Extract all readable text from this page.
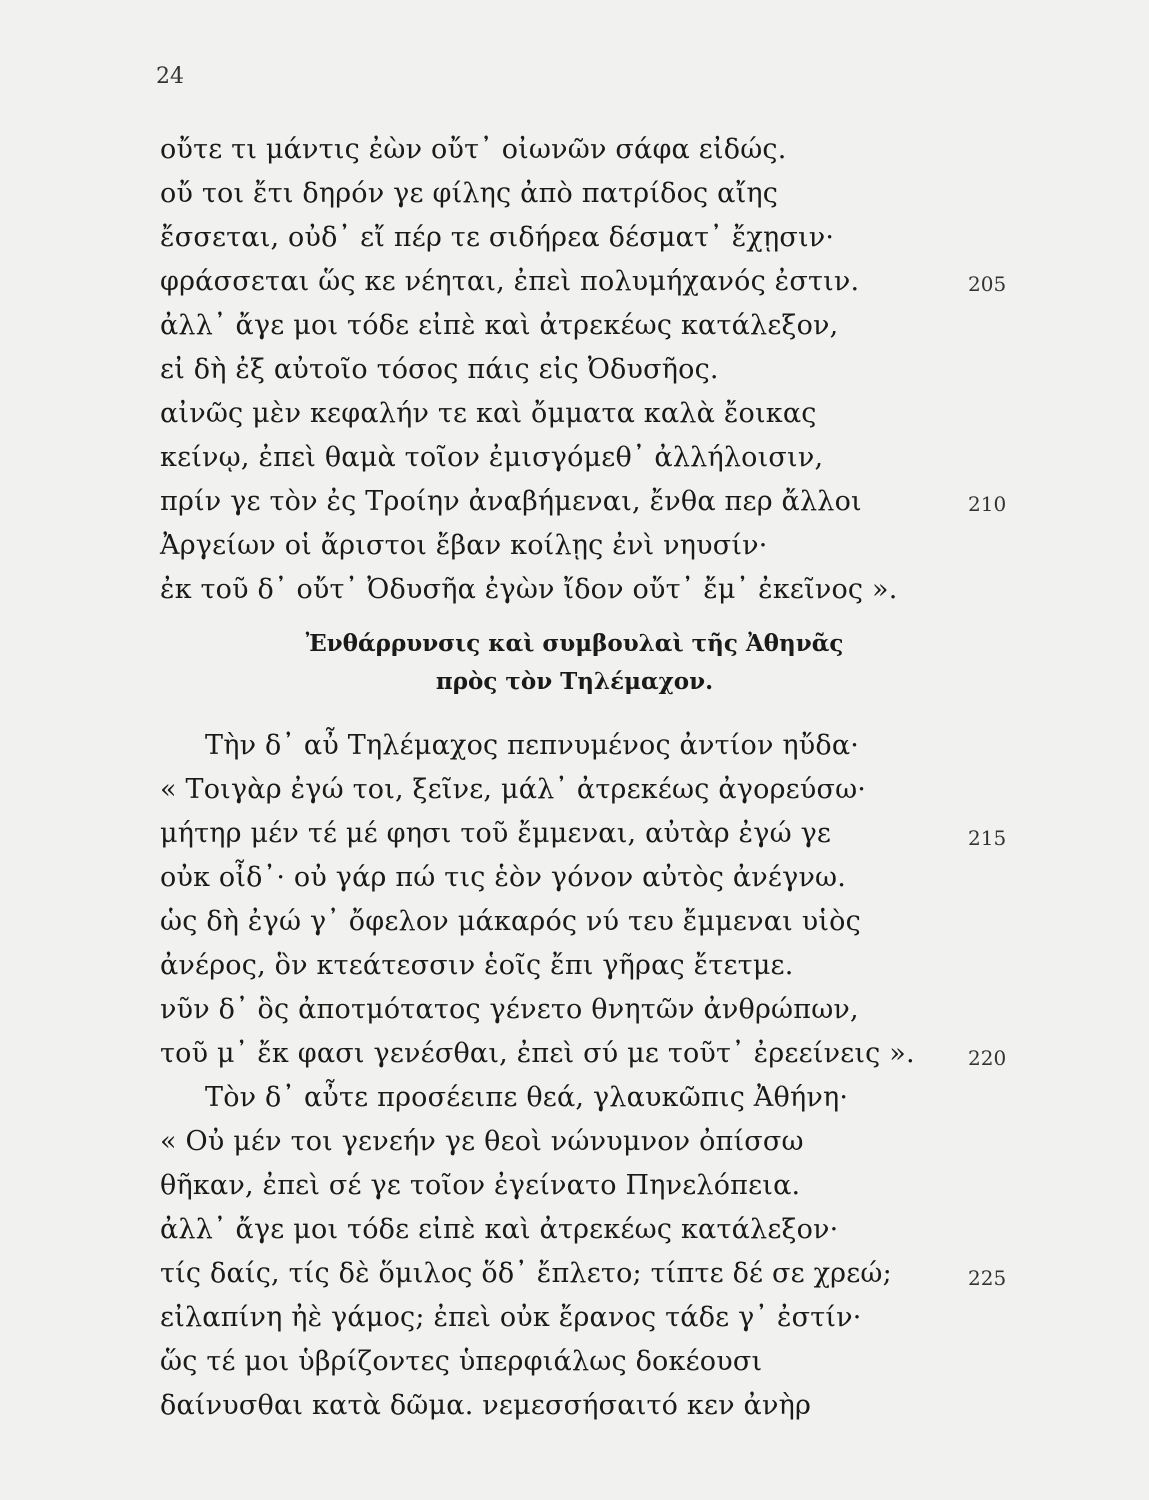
24
οὔτε τι μάντις ἐὼν οὔτ᾽ οἰωνῶν σάφα εἰδώς.
οὔ τοι ἔτι δηρόν γε φίλης ἀπὸ πατρίδος αἴης
ἔσσεται, οὐδ᾽ εἴ πέρ τε σιδήρεα δέσματ᾽ ἔχῃσιν·
φράσσεται ὥς κε νέηται, ἐπεὶ πολυμήχανός ἐστιν.	205
ἀλλ᾽ ἄγε μοι τόδε εἰπὲ καὶ ἀτρεκέως κατάλεξον,
εἰ δὴ ἐξ αὐτοῖο τόσος πάις εἰς Ὀδυσῆος.
αἰνῶς μὲν κεφαλήν τε καὶ ὄμματα καλὰ ἔοικας
κείνῳ, ἐπεὶ θαμὰ τοῖον ἐμισγόμεθ᾽ ἀλλήλοισιν,
πρίν γε τὸν ἐς Τροίην ἀναβήμεναι, ἔνθα περ ἄλλοι	210
Ἀργείων οἱ ἄριστοι ἔβαν κοίλῃς ἐνὶ νηυσίν·
ἐκ τοῦ δ᾽ οὔτ᾽ Ὀδυσῆα ἐγὼν ἴδον οὔτ᾽ ἔμ᾽ ἐκεῖνος ».
Ἐνθάρρυνσις καὶ συμβουλαὶ τῆς Ἀθηνᾶς
πρὸς τὸν Τηλέμαχον.
Τὴν δ᾽ αὖ Τηλέμαχος πεπνυμένος ἀντίον ηὔδα·
« Τοιγὰρ ἐγώ τοι, ξεῖνε, μάλ᾽ ἀτρεκέως ἀγορεύσω·
μήτηρ μέν τέ μέ φησι τοῦ ἔμμεναι, αὐτὰρ ἐγώ γε	215
οὐκ οἶδ᾽· οὐ γάρ πώ τις ἑὸν γόνον αὐτὸς ἀνέγνω.
ὡς δὴ ἐγώ γ᾽ ὄφελον μάκαρός νύ τευ ἔμμεναι υἱὸς
ἀνέρος, ὃν κτεάτεσσιν ἑοῖς ἔπι γῆρας ἔτετμε.
νῦν δ᾽ ὃς ἀποτμότατος γένετο θνητῶν ἀνθρώπων,
τοῦ μ᾽ ἔκ φασι γενέσθαι, ἐπεὶ σύ με τοῦτ᾽ ἐρεείνεις ».	220
Τὸν δ᾽ αὖτε προσέειπε θεά, γλαυκῶπις Ἀθήνη·
« Οὐ μέν τοι γενεήν γε θεοὶ νώνυμνον ὀπίσσω
θῆκαν, ἐπεὶ σέ γε τοῖον ἐγείνατο Πηνελόπεια.
ἀλλ᾽ ἄγε μοι τόδε εἰπὲ καὶ ἀτρεκέως κατάλεξον·
τίς δαίς, τίς δὲ ὅμιλος ὅδ᾽ ἔπλετο; τίπτε δέ σε χρεώ;	225
εἰλαπίνη ἠὲ γάμος; ἐπεὶ οὐκ ἔρανος τάδε γ᾽ ἐστίν·
ὥς τέ μοι ὑβρίζοντες ὑπερφιάλως δοκέουσι
δαίνυσθαι κατὰ δῶμα. νεμεσσήσαιτό κεν ἀνὴρ
